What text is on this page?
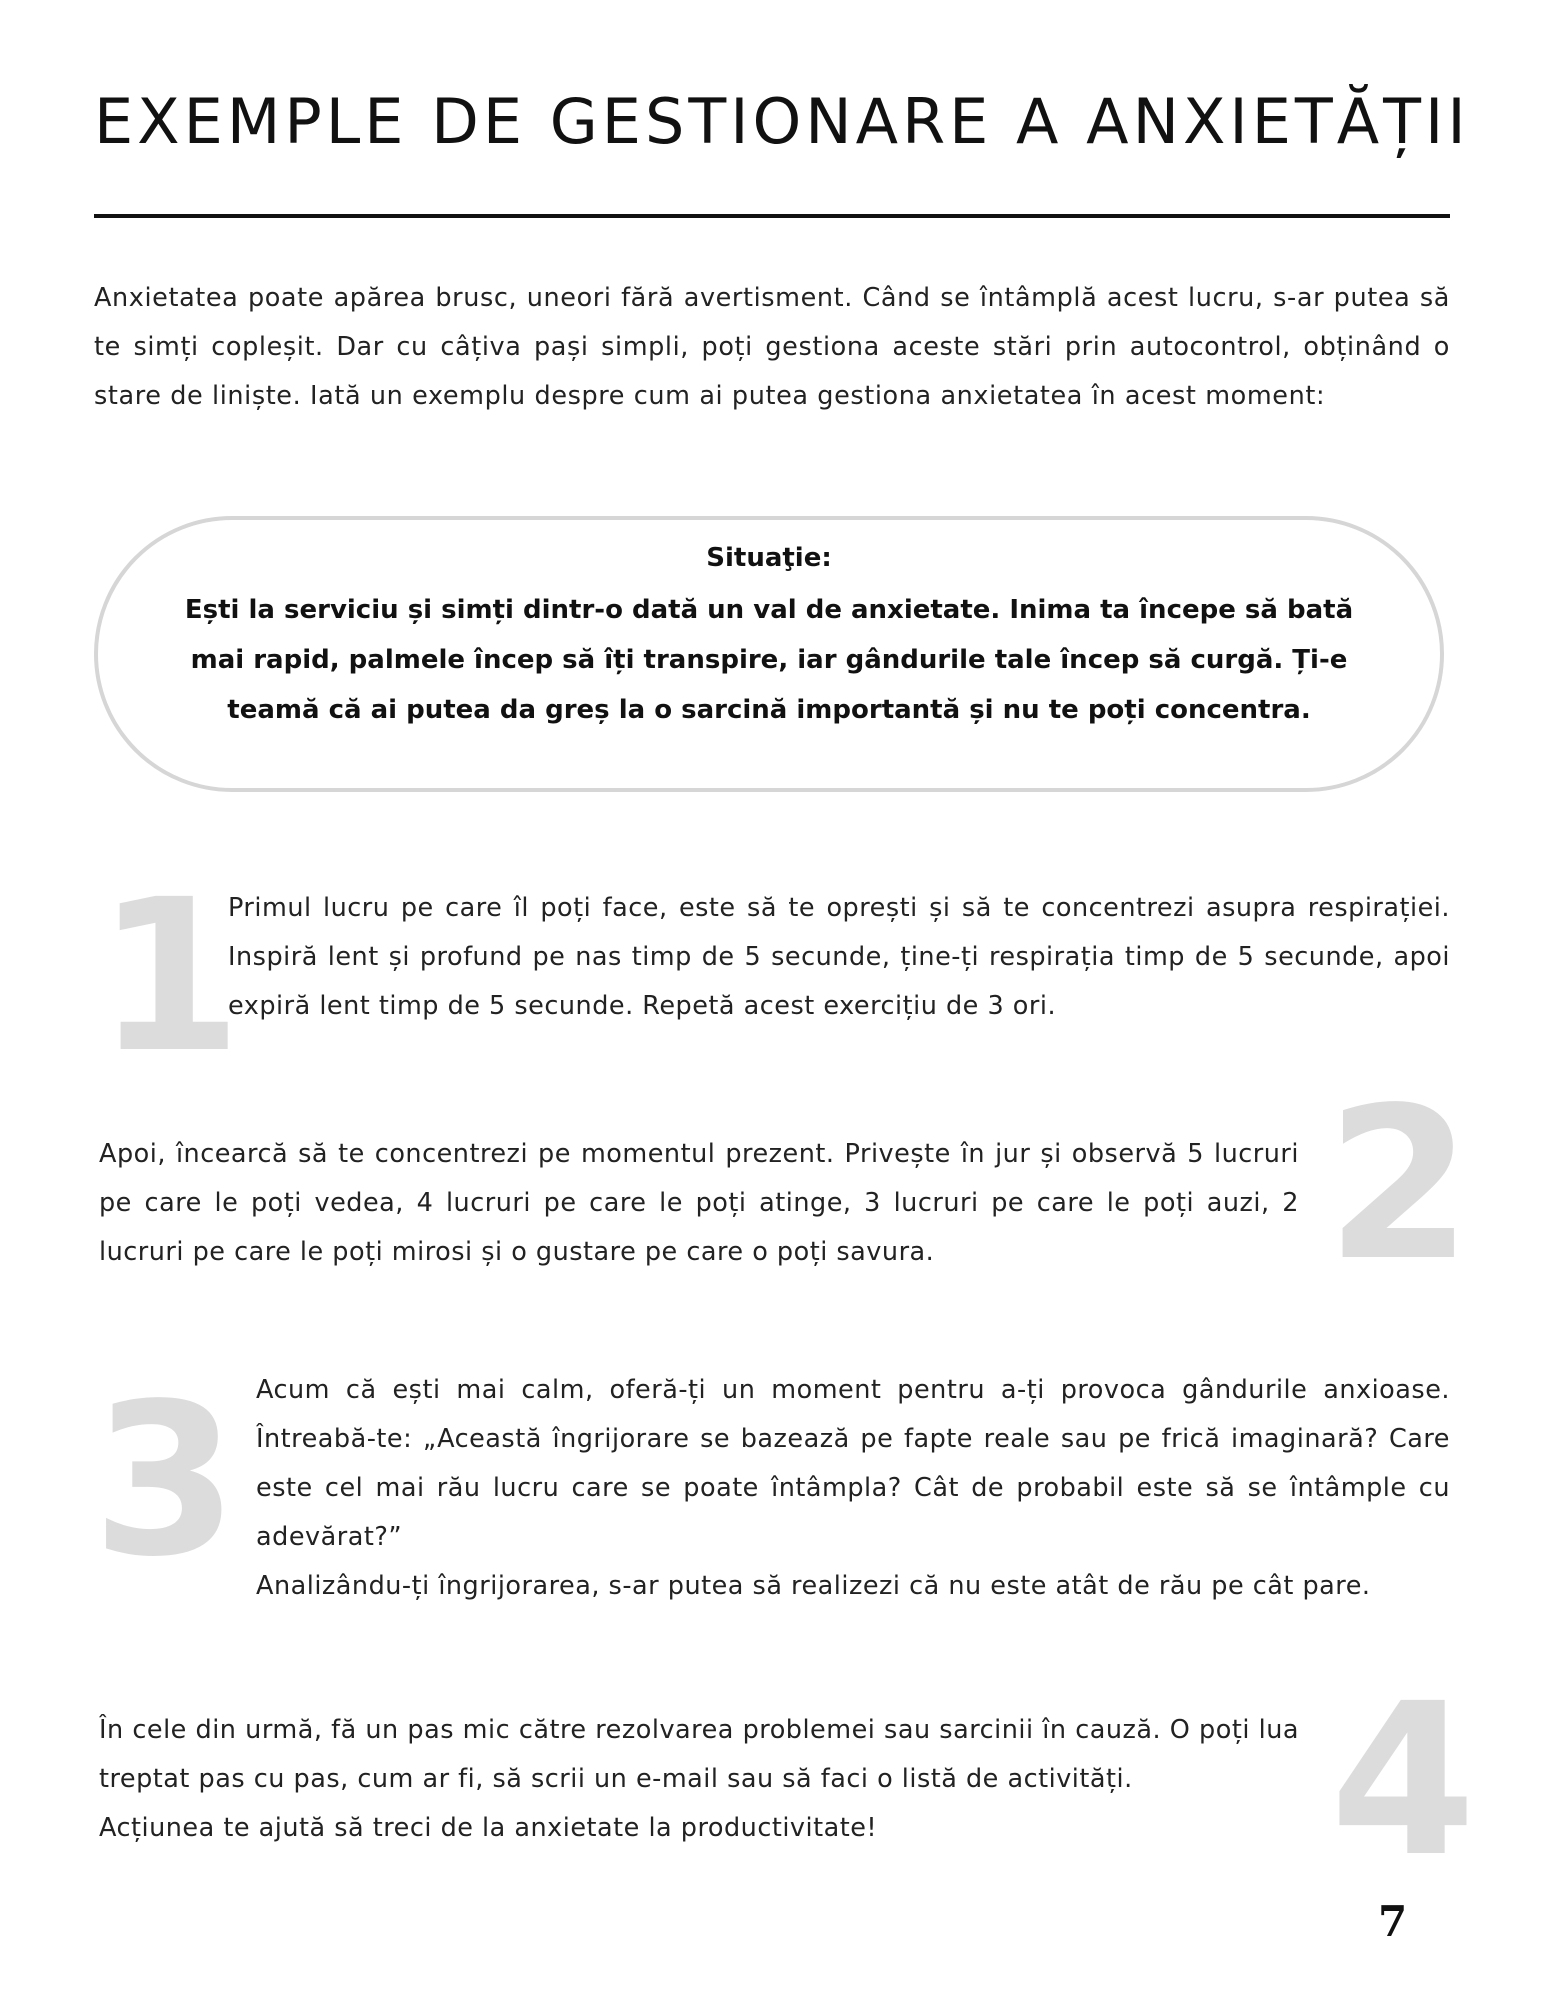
EXEMPLE DE GESTIONARE A ANXIETĂȚII

Anxietatea poate apărea brusc, uneori fără avertisment. Când se întâmplă acest lucru, s-ar putea să te simți copleșit. Dar cu câțiva pași simpli, poți gestiona aceste stări prin autocontrol, obținând o stare de liniște. Iată un exemplu despre cum ai putea gestiona anxietatea în acest moment:

Situaţie:

Ești la serviciu și simți dintr-o dată un val de anxietate. Inima ta începe să bată mai rapid, palmele încep să îți transpire, iar gândurile tale încep să curgă. Ți-e teamă că ai putea da greș la o sarcină importantă și nu te poți concentra.

1

Primul lucru pe care îl poți face, este să te oprești și să te concentrezi asupra respirației. Inspiră lent și profund pe nas timp de 5 secunde, ține-ți respirația timp de 5 secunde, apoi expiră lent timp de 5 secunde. Repetă acest exercițiu de 3 ori.

2

Apoi, încearcă să te concentrezi pe momentul prezent. Privește în jur și observă 5 lucruri pe care le poți vedea, 4 lucruri pe care le poți atinge, 3 lucruri pe care le poți auzi, 2 lucruri pe care le poți mirosi și o gustare pe care o poți savura.

3 Acum că ești mai calm, oferă-ți un moment pentru a-ți provoca gândurile anxioase. Întreabă-te: „Această îngrijorare se bazează pe fapte reale sau pe frică imaginară? Care este cel mai rău lucru care se poate întâmpla? Cât de probabil este să se întâmple cu adevărat?”
Analizându-ți îngrijorarea, s-ar putea să realizezi că nu este atât de rău pe cât pare.

4

În cele din urmă, fă un pas mic către rezolvarea problemei sau sarcinii în cauză. O poți lua treptat pas cu pas, cum ar fi, să scrii un e-mail sau să faci o listă de activități.
Acțiunea te ajută să treci de la anxietate la productivitate!

7
